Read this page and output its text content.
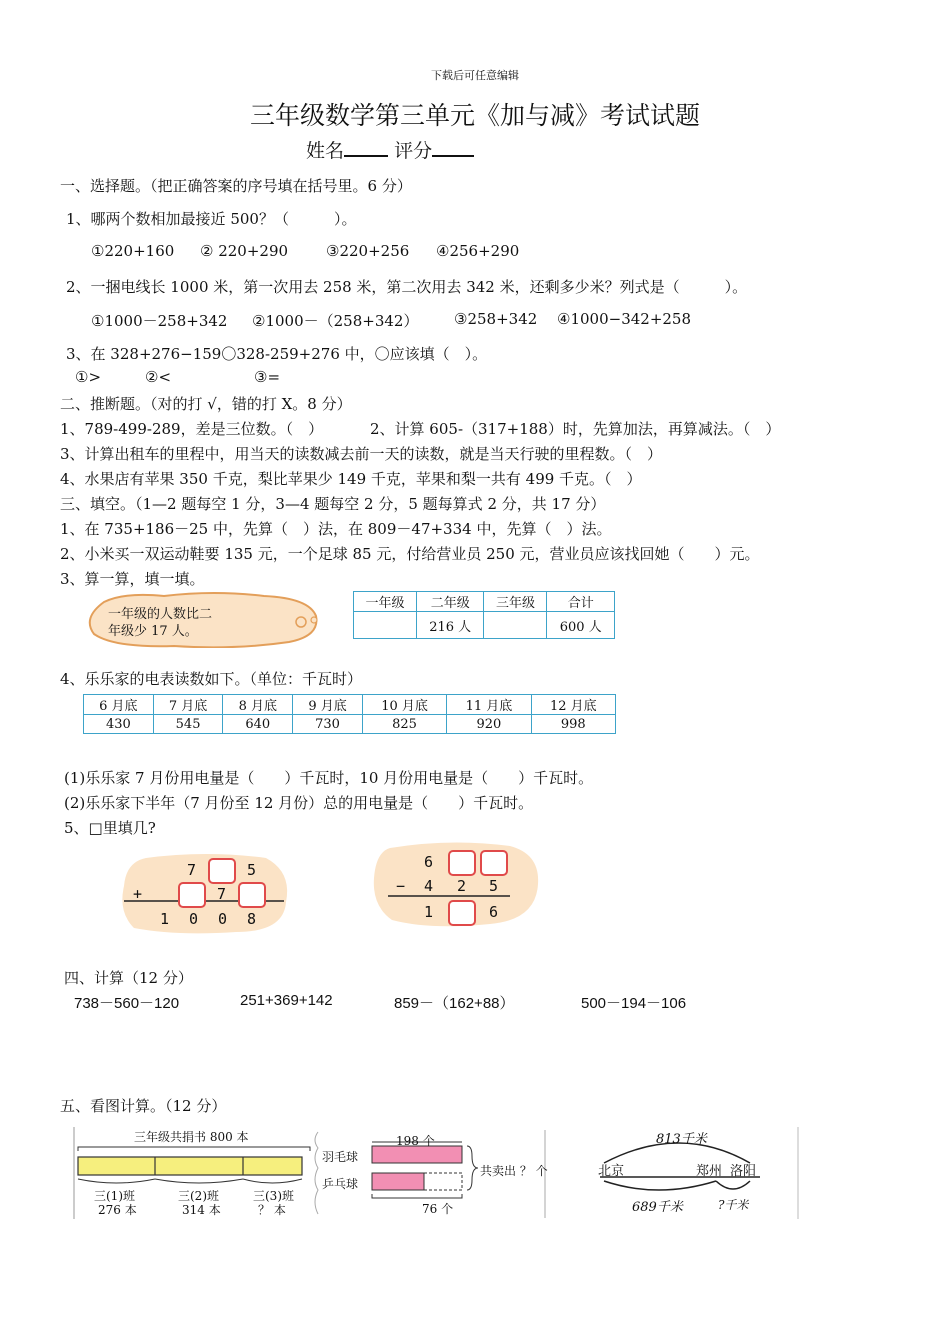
下载后可任意编辑
三年级数学第三单元《加与减》考试试题
姓名	评分
一、选择题。（把正确答案的序号填在括号里。6 分）
1、哪两个数相加最接近 500？（　　　）。
①220+160 ② 220+290	③220+256 ④256+290
2、一捆电线长 1000 米，第一次用去 258 米，第二次用去 342 米，还剩多少米？列式是（　　　）。
①1000－258+342 ②1000－（258+342） ③258+342 ④1000−342+258
3、在 328+276−159〇328-259+276 中，〇应该填（　）。
①>	②<	③=
二、推断题。（对的打 √，错的打 X。8 分）
1、789-499-289，差是三位数。（　）	2、计算 605-（317+188）时，先算加法，再算减法。（　）
3、计算出租车的里程中，用当天的读数减去前一天的读数，就是当天行驶的里程数。（　）
4、水果店有苹果 350 千克，梨比苹果少 149 千克，苹果和梨一共有 499 千克。（　）
三、填空。（1—2 题每空 1 分，3—4 题每空 2 分，5 题每算式 2 分，共 17 分）
1、在 735+186－25 中，先算（　）法，在 809－47+334 中，先算（　）法。
2、小米买一双运动鞋要 135 元，一个足球 85 元，付给营业员 250 元，营业员应该找回她（　　）元。
3、算一算，填一填。
一年级的人数比二
年级少 17 人。
一年级	二年级	三年级	合计
	216 人		600 人
4、乐乐家的电表读数如下。（单位：千瓦时）
6 月底	7 月底	8 月底	9 月底	10 月底	11 月底	12 月底
430	545	640	730	825	920	998
(1)乐乐家 7 月份用电量是（　　）千瓦时，10 月份用电量是（　　）千瓦时。
(2)乐乐家下半年（7 月份至 12 月份）总的用电量是（　　）千瓦时。
5、□里填几?
7	5
+	7
1 0 0 8
6
− 4 2 5
1	6
四、计算（12 分）
738－560－120	251+369+142	859－（162+88）	500－194－106
五、看图计算。（12 分）
三年级共捐书 800 本
三(1)班
276 本
三(2)班
314 本
三(3)班
？ 本
198 个
羽毛球
乒乓球
共卖出 ？ 个
76 个
813千米
北京	郑州 洛阳
689千米	?千米
